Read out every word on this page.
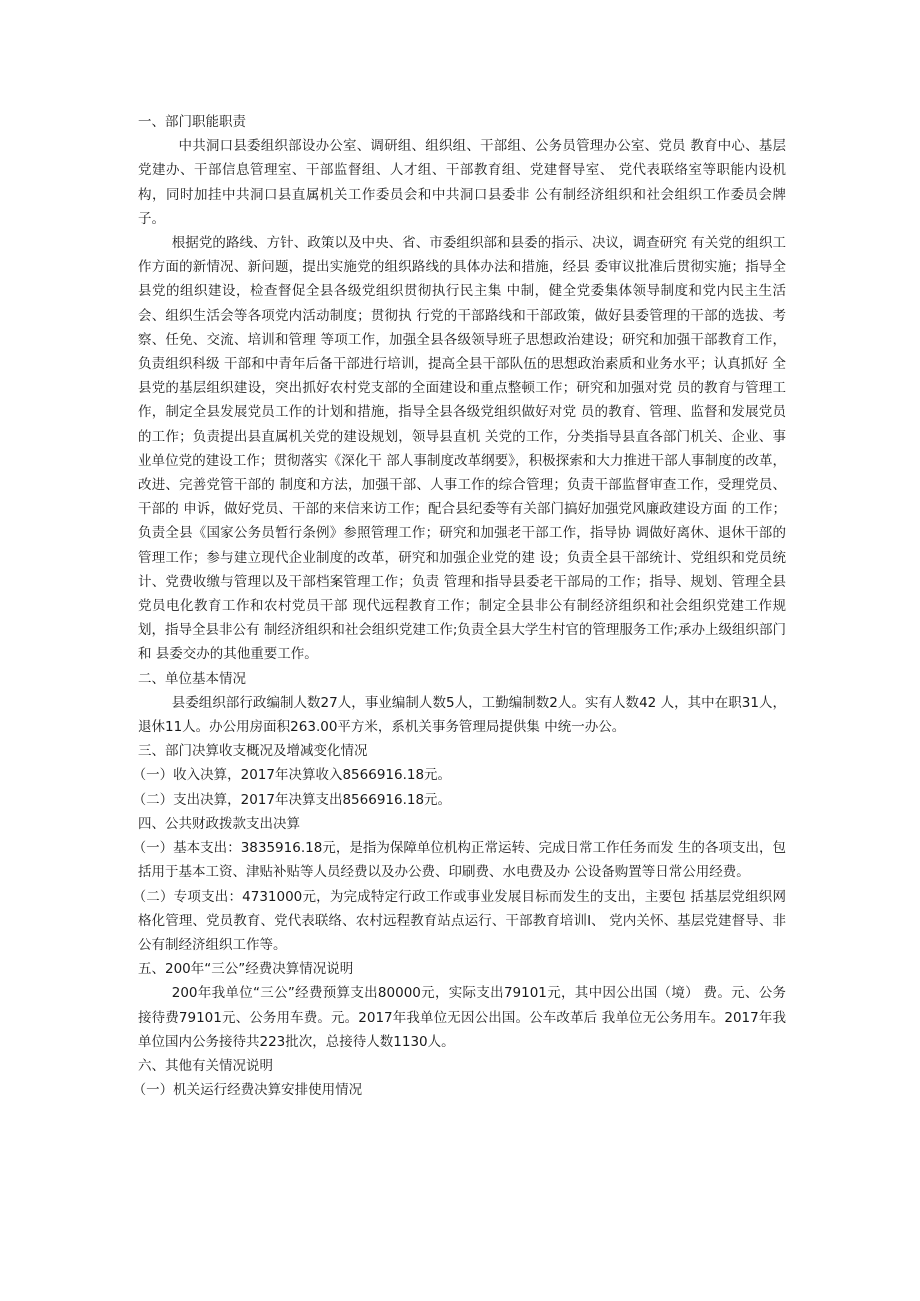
一、部门职能职责

中共洞口县委组织部设办公室、调研组、组织组、干部组、公务员管理办公室、党员 教育中心、基层党建办、干部信息管理室、干部监督组、人才组、干部教育组、党建督导室、 党代表联络室等职能内设机构，同时加挂中共洞口县直属机关工作委员会和中共洞口县委非 公有制经济组织和社会组织工作委员会牌子。

根据党的路线、方针、政策以及中央、省、市委组织部和县委的指示、决议，调查研究 有关党的组织工作方面的新情况、新问题，提出实施党的组织路线的具体办法和措施，经县 委审议批准后贯彻实施；指导全县党的组织建设，检查督促全县各级党组织贯彻执行民主集 中制，健全党委集体领导制度和党内民主生活会、组织生活会等各项党内活动制度；贯彻执 行党的干部路线和干部政策，做好县委管理的干部的选拔、考察、任免、交流、培训和管理 等项工作，加强全县各级领导班子思想政治建设；研究和加强干部教育工作，负责组织科级 干部和中青年后备干部进行培训，提高全县干部队伍的思想政治素质和业务水平；认真抓好 全县党的基层组织建设，突出抓好农村党支部的全面建设和重点整顿工作；研究和加强对党 员的教育与管理工作，制定全县发展党员工作的计划和措施，指导全县各级党组织做好对党 员的教育、管理、监督和发展党员的工作；负责提出县直属机关党的建设规划，领导县直机 关党的工作，分类指导县直各部门机关、企业、事业单位党的建设工作；贯彻落实《深化干 部人事制度改革纲要》，积极探索和大力推进干部人事制度的改革，改进、完善党管干部的 制度和方法，加强干部、人事工作的综合管理；负责干部监督审查工作，受理党员、干部的 申诉，做好党员、干部的来信来访工作；配合县纪委等有关部门搞好加强党风廉政建设方面 的工作；负责全县《国家公务员暂行条例》参照管理工作；研究和加强老干部工作，指导协 调做好离休、退休干部的管理工作；参与建立现代企业制度的改革，研究和加强企业党的建 设；负责全县干部统计、党组织和党员统计、党费收缴与管理以及干部档案管理工作；负责 管理和指导县委老干部局的工作；指导、规划、管理全县党员电化教育工作和农村党员干部 现代远程教育工作；制定全县非公有制经济组织和社会组织党建工作规划，指导全县非公有 制经济组织和社会组织党建工作;负责全县大学生村官的管理服务工作;承办上级组织部门和 县委交办的其他重要工作。

二、单位基本情况

县委组织部行政编制人数27人，事业编制人数5人，工勤编制数2人。实有人数42 人，其中在职31人，退休11人。办公用房面积263.00平方米，系机关事务管理局提供集 中统一办公。

三、部门决算收支概况及增减变化情况

（一）收入决算，2017年决算收入8566916.18元。

（二）支出决算，2017年决算支出8566916.18元。

四、公共财政拨款支出决算

（一）基本支出：3835916.18元，是指为保障单位机构正常运转、完成日常工作任务而发 生的各项支出，包括用于基本工资、津贴补贴等人员经费以及办公费、印刷费、水电费及办 公设备购置等日常公用经费。

（二）专项支出：4731000元，为完成特定行政工作或事业发展目标而发生的支出，主要包 括基层党组织网格化管理、党员教育、党代表联络、农村远程教育站点运行、干部教育培训I、 党内关怀、基层党建督导、非公有制经济组织工作等。

五、200年“三公”经费决算情况说明

200年我单位“三公”经费预算支出80000元，实际支出79101元，其中因公出国（境） 费。元、公务接待费79101元、公务用车费。元。2017年我单位无因公出国。公车改革后 我单位无公务用车。2017年我单位国内公务接待共223批次，总接待人数1130人。

六、其他有关情况说明

（一）机关运行经费决算安排使用情况
